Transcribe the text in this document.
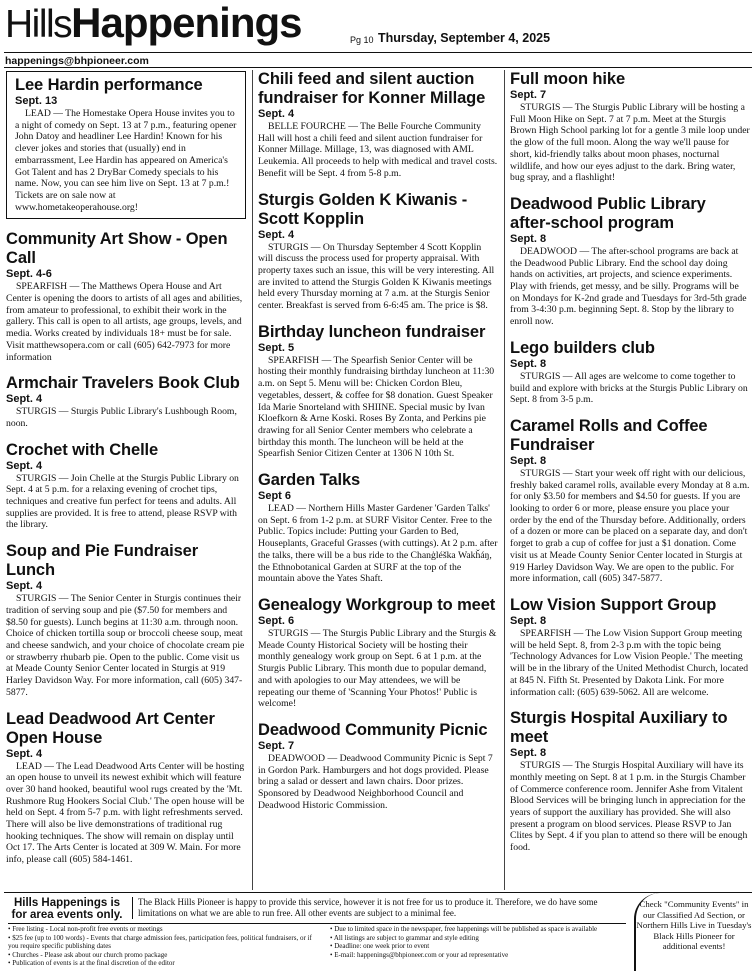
HillsHappenings	Pg 10 Thursday, September 4, 2025
happenings@bhpioneer.com
Lee Hardin performance
Sept. 13

LEAD — The Homestake Opera House invites you to a night of comedy on Sept. 13 at 7 p.m., featuring opener John Datoy and headliner Lee Hardin! Known for his clever jokes and stories that (usually) end in embarrassment, Lee Hardin has appeared on America's Got Talent and has 2 DryBar Comedy specials to his name. Now, you can see him live on Sept. 13 at 7 p.m.! Tickets are on sale now at www.hometakeoperahouse.org!

Community Art Show - Open Call
Sept. 4-6

SPEARFISH — The Matthews Opera House and Art Center is opening the doors to artists of all ages and abilities, from amateur to professional, to exhibit their work in the gallery. This call is open to all artists, age groups, levels, and media. Works created by individuals 18+ must be for sale. Visit matthewsopera.com or call (605) 642-7973 for more information

Armchair Travelers Book Club
Sept. 4

STURGIS — Sturgis Public Library's Lushbough Room, noon.

Crochet with Chelle
Sept. 4

STURGIS — Join Chelle at the Sturgis Public Library on Sept. 4 at 5 p.m. for a relaxing evening of crochet tips, techniques and creative fun perfect for teens and adults. All supplies are provided. It is free to attend, please RSVP with the library.

Soup and Pie Fundraiser Lunch
Sept. 4

STURGIS — The Senior Center in Sturgis continues their tradition of serving soup and pie ($7.50 for members and $8.50 for guests). Lunch begins at 11:30 a.m. through noon. Choice of chicken tortilla soup or broccoli cheese soup, meat and cheese sandwich, and your choice of chocolate cream pie or strawberry rhubarb pie. Open to the public. Come visit us at Meade County Senior Center located in Sturgis at 919 Harley Davidson Way. For more information, call (605) 347-5877.

Lead Deadwood Art Center Open House
Sept. 4

LEAD — The Lead Deadwood Arts Center will be hosting an open house to unveil its newest exhibit which will feature over 30 hand hooked, beautiful wool rugs created by the 'Mt. Rushmore Rug Hookers Social Club.' The open house will be held on Sept. 4 from 5-7 p.m. with light refreshments served. There will also be live demonstrations of traditional rug hooking techniques. The show will remain on display until Oct 17. The Arts Center is located at 309 W. Main. For more info, please call (605) 584-1461.

Chili feed and silent auction fundraiser for Konner Millage
Sept. 4

BELLE FOURCHE — The Belle Fourche Community Hall will host a chili feed and silent auction fundraiser for Konner Millage. Millage, 13, was diagnosed with AML Leukemia. All proceeds to help with medical and travel costs. Benefit will be Sept. 4 from 5-8 p.m.

Sturgis Golden K Kiwanis - Scott Kopplin
Sept. 4

STURGIS — On Thursday September 4 Scott Kopplin will discuss the process used for property appraisal. With property taxes such an issue, this will be very interesting. All are invited to attend the Sturgis Golden K Kiwanis meetings held every Thursday morning at 7 a.m. at the Sturgis Senior center. Breakfast is served from 6-6:45 am. The price is $8.

Birthday luncheon fundraiser
Sept. 5

SPEARFISH — The Spearfish Senior Center will be hosting their monthly fundraising birthday luncheon at 11:30 a.m. on Sept 5. Menu will be: Chicken Cordon Bleu, vegetables, dessert, & coffee for $8 donation. Guest Speaker Ida Marie Snorteland with SHIINE. Special music by Ivan Kloefkorn & Arne Koski. Roses By Zonta, and Perkins pie drawing for all Senior Center members who celebrate a birthday this month. The luncheon will be held at the Spearfish Senior Citizen Center at 1306 N 10th St.

Garden Talks
Sept 6

LEAD — Northern Hills Master Gardener 'Garden Talks' on Sept. 6 from 1-2 p.m. at SURF Visitor Center. Free to the Public. Topics include: Putting your Garden to Bed, Houseplants, Graceful Grasses (with cuttings). At 2 p.m. after the talks, there will be a bus ride to the Chanġléška Wakȟáŋ, the Ethnobotanical Garden at SURF at the top of the mountain above the Yates Shaft.

Genealogy Workgroup to meet
Sept. 6

STURGIS — The Sturgis Public Library and the Sturgis & Meade County Historical Society will be hosting their monthly genealogy work group on Sept. 6 at 1 p.m. at the Sturgis Public Library. This month due to popular demand, and with apologies to our May attendees, we will be repeating our theme of 'Scanning Your Photos!' Public is welcome!

Deadwood Community Picnic
Sept. 7

DEADWOOD — Deadwood Community Picnic is Sept 7 in Gordon Park. Hamburgers and hot dogs provided. Please bring a salad or dessert and lawn chairs. Door prizes. Sponsored by Deadwood Neighborhood Council and Deadwood Historic Commission.

Full moon hike
Sept. 7

STURGIS — The Sturgis Public Library will be hosting a Full Moon Hike on Sept. 7 at 7 p.m. Meet at the Sturgis Brown High School parking lot for a gentle 3 mile loop under the glow of the full moon. Along the way we'll pause for short, kid-friendly talks about moon phases, nocturnal wildlife, and how our eyes adjust to the dark. Bring water, bug spray, and a flashlight!

Deadwood Public Library after-school program
Sept. 8

DEADWOOD — The after-school programs are back at the Deadwood Public Library. End the school day doing hands on activities, art projects, and science experiments. Play with friends, get messy, and be silly. Programs will be on Mondays for K-2nd grade and Tuesdays for 3rd-5th grade from 3-4:30 p.m. beginning Sept. 8. Stop by the library to enroll now.

Lego builders club
Sept. 8

STURGIS — All ages are welcome to come together to build and explore with bricks at the Sturgis Public Library on Sept. 8 from 3-5 p.m.

Caramel Rolls and Coffee Fundraiser
Sept. 8

STURGIS — Start your week off right with our delicious, freshly baked caramel rolls, available every Monday at 8 a.m. for only $3.50 for members and $4.50 for guests. If you are looking to order 6 or more, please ensure you place your order by the end of the Thursday before. Additionally, orders of a dozen or more can be placed on a separate day, and don't forget to grab a cup of coffee for just a $1 donation. Come visit us at Meade County Senior Center located in Sturgis at 919 Harley Davidson Way. We are open to the public. For more information, call (605) 347-5877.

Low Vision Support Group
Sept. 8

SPEARFISH — The Low Vision Support Group meeting will be held Sept. 8, from 2-3 p.m with the topic being 'Technology Advances for Low Vision People.' The meeting will be in the library of the United Methodist Church, located at 845 N. Fifth St. Presented by Dakota Link. For more information call: (605) 639-5062. All are welcome.

Sturgis Hospital Auxiliary to meet
Sept. 8

STURGIS — The Sturgis Hospital Auxiliary will have its monthly meeting on Sept. 8 at 1 p.m. in the Sturgis Chamber of Commerce conference room. Jennifer Ashe from Vitalent Blood Services will be bringing lunch in appreciation for the years of support the auxiliary has provided. She will also present a program on blood services. Please RSVP to Jan Clites by Sept. 4 if you plan to attend so there will be enough food.

Hills Happenings is for area events only.
The Black Hills Pioneer is happy to provide this service, however it is not free for us to produce it. Therefore, we do have some limitations on what we are able to run free. All other events are subject to a minimal fee.
• Free listing - Local non-profit free events or meetings
• $25 fee (up to 100 words) - Events that charge admission fees, participation fees, political fundraisers, or if you require specific publishing dates
• Churches - Please ask about our church promo package
• Publication of events is at the final discretion of the editor
• Due to limited space in the newspaper, free happenings will be published as space is available
• All listings are subject to grammar and style editing
• Deadline: one week prior to event
• E-mail: happenings@bhpioneer.com or your ad representative
Check "Community Events" in our Classified Ad Section, or Northern Hills Live in Tuesday's Black Hills Pioneer for additional events!
